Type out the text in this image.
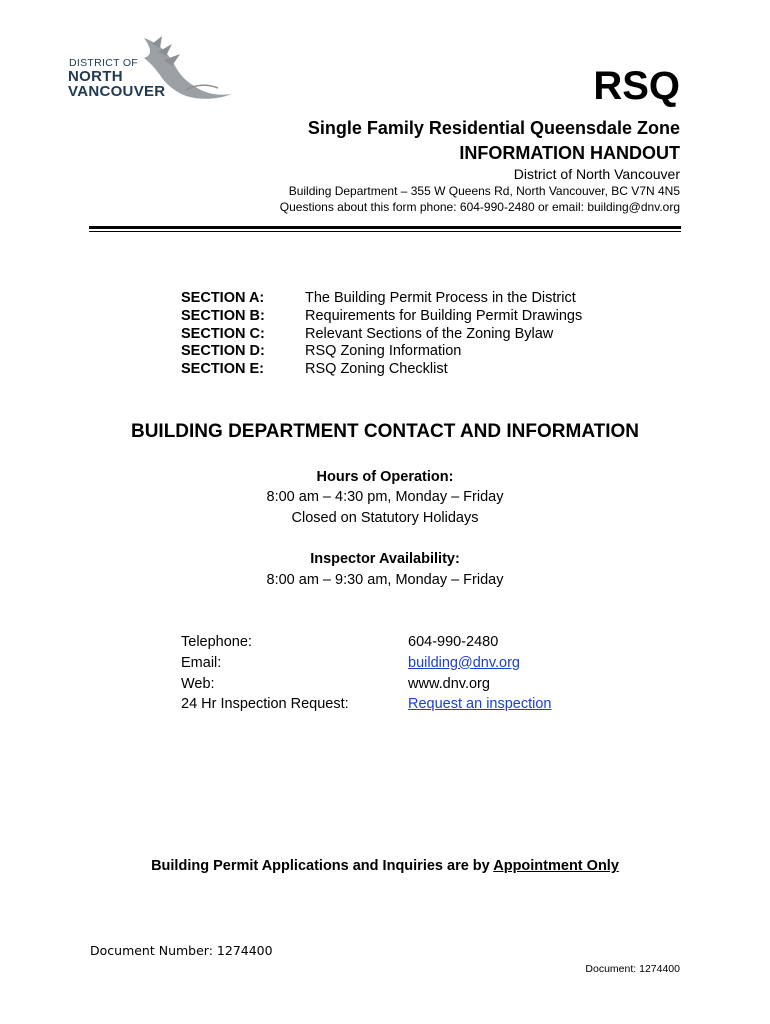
DISTRICT OF
NORTH
VANCOUVER	RSQ
Single Family Residential Queensdale Zone
INFORMATION HANDOUT
District of North Vancouver
Building Department – 355 W Queens Rd, North Vancouver, BC V7N 4N5
Questions about this form phone: 604-990-2480 or email: building@dnv.org
SECTION A:	The Building Permit Process in the District
SECTION B:	Requirements for Building Permit Drawings
SECTION C:	Relevant Sections of the Zoning Bylaw
SECTION D:	RSQ Zoning Information
SECTION E:	RSQ Zoning Checklist
BUILDING DEPARTMENT CONTACT AND INFORMATION
Hours of Operation:
8:00 am – 4:30 pm, Monday – Friday
Closed on Statutory Holidays
Inspector Availability:
8:00 am – 9:30 am, Monday – Friday
Telephone:	604-990-2480
Email:	building@dnv.org
Web:	www.dnv.org
24 Hr Inspection Request:	Request an inspection
Building Permit Applications and Inquiries are by Appointment Only
Document Number: 1274400
Document: 1274400
